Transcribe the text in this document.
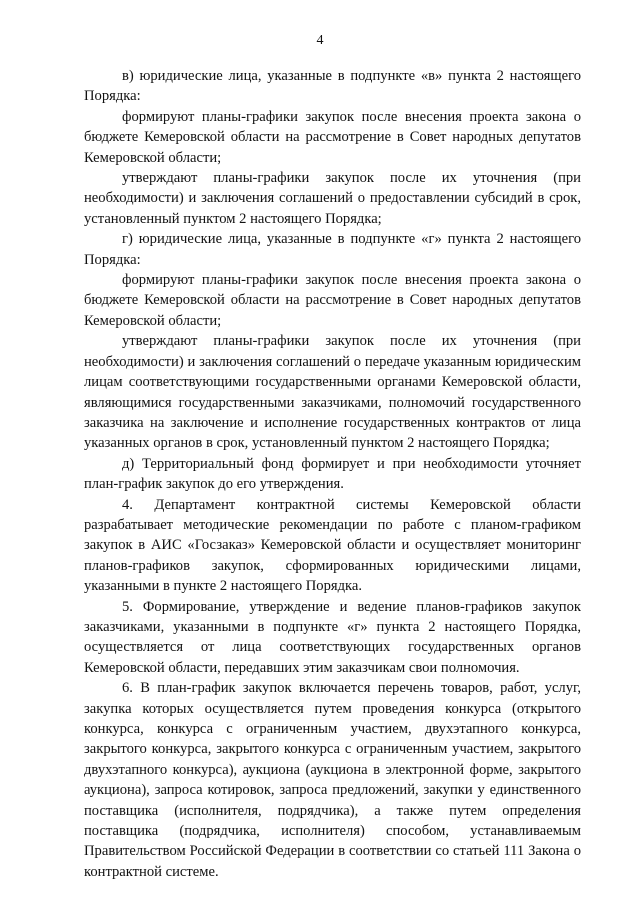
4

в) юридические лица, указанные в подпункте «в» пункта 2 настоящего Порядка:

формируют планы-графики закупок после внесения проекта закона о бюджете Кемеровской области на рассмотрение в Совет народных депутатов Кемеровской области;

утверждают планы-графики закупок после их уточнения (при необходимости) и заключения соглашений о предоставлении субсидий в срок, установленный пунктом 2 настоящего Порядка;

г) юридические лица, указанные в подпункте «г» пункта 2 настоящего Порядка:

формируют планы-графики закупок после внесения проекта закона о бюджете Кемеровской области на рассмотрение в Совет народных депутатов Кемеровской области;

утверждают планы-графики закупок после их уточнения (при необходимости) и заключения соглашений о передаче указанным юридическим лицам соответствующими государственными органами Кемеровской области, являющимися государственными заказчиками, полномочий государственного заказчика на заключение и исполнение государственных контрактов от лица указанных органов в срок, установленный пунктом 2 настоящего Порядка;

д) Территориальный фонд формирует и при необходимости уточняет план-график закупок до его утверждения.

4. Департамент контрактной системы Кемеровской области разрабатывает методические рекомендации по работе с планом-графиком закупок в АИС «Госзаказ» Кемеровской области и осуществляет мониторинг планов-графиков закупок, сформированных юридическими лицами, указанными в пункте 2 настоящего Порядка.

5. Формирование, утверждение и ведение планов-графиков закупок заказчиками, указанными в подпункте «г» пункта 2 настоящего Порядка, осуществляется от лица соответствующих государственных органов Кемеровской области, передавших этим заказчикам свои полномочия.

6. В план-график закупок включается перечень товаров, работ, услуг, закупка которых осуществляется путем проведения конкурса (открытого конкурса, конкурса с ограниченным участием, двухэтапного конкурса, закрытого конкурса, закрытого конкурса с ограниченным участием, закрытого двухэтапного конкурса), аукциона (аукциона в электронной форме, закрытого аукциона), запроса котировок, запроса предложений, закупки у единственного поставщика (исполнителя, подрядчика), а также путем определения поставщика (подрядчика, исполнителя) способом, устанавливаемым Правительством Российской Федерации в соответствии со статьей 111 Закона о контрактной системе.
